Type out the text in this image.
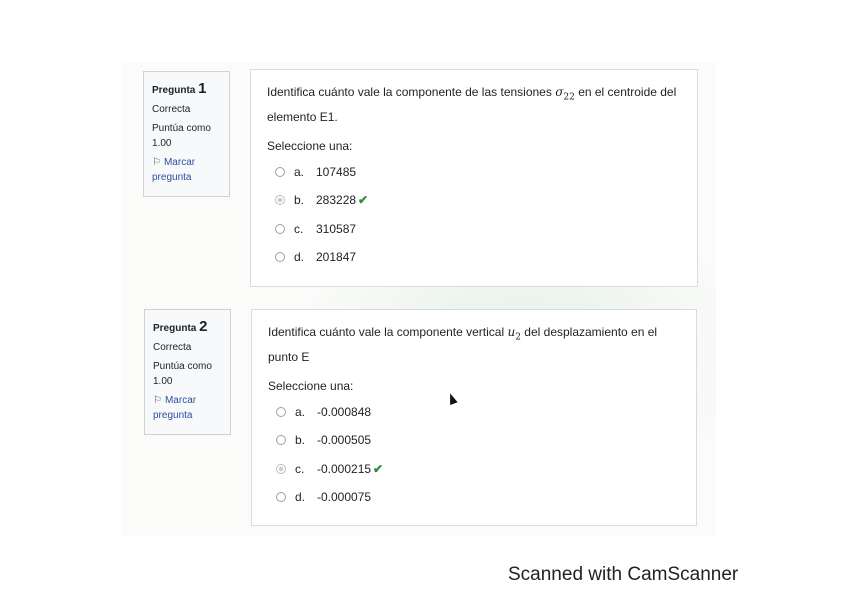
Pregunta 1
Correcta
Puntúa como
1.00
⚐ Marcar pregunta
Identifica cuánto vale la componente de las tensiones $\sigma_{22}$ en el centroide del elemento E1.
Seleccione una:
a. 107485
b. 283228 ✔
c.	310587
d. 201847
Pregunta 2
Correcta
Puntúa como
1.00
⚐ Marcar pregunta
Identifica cuánto vale la componente vertical $u_2$ del desplazamiento en el punto E
Seleccione una:
a. -0.000848
b. -0.000505
c.	-0.000215 ✔
d. -0.000075
Scanned with CamScanner
